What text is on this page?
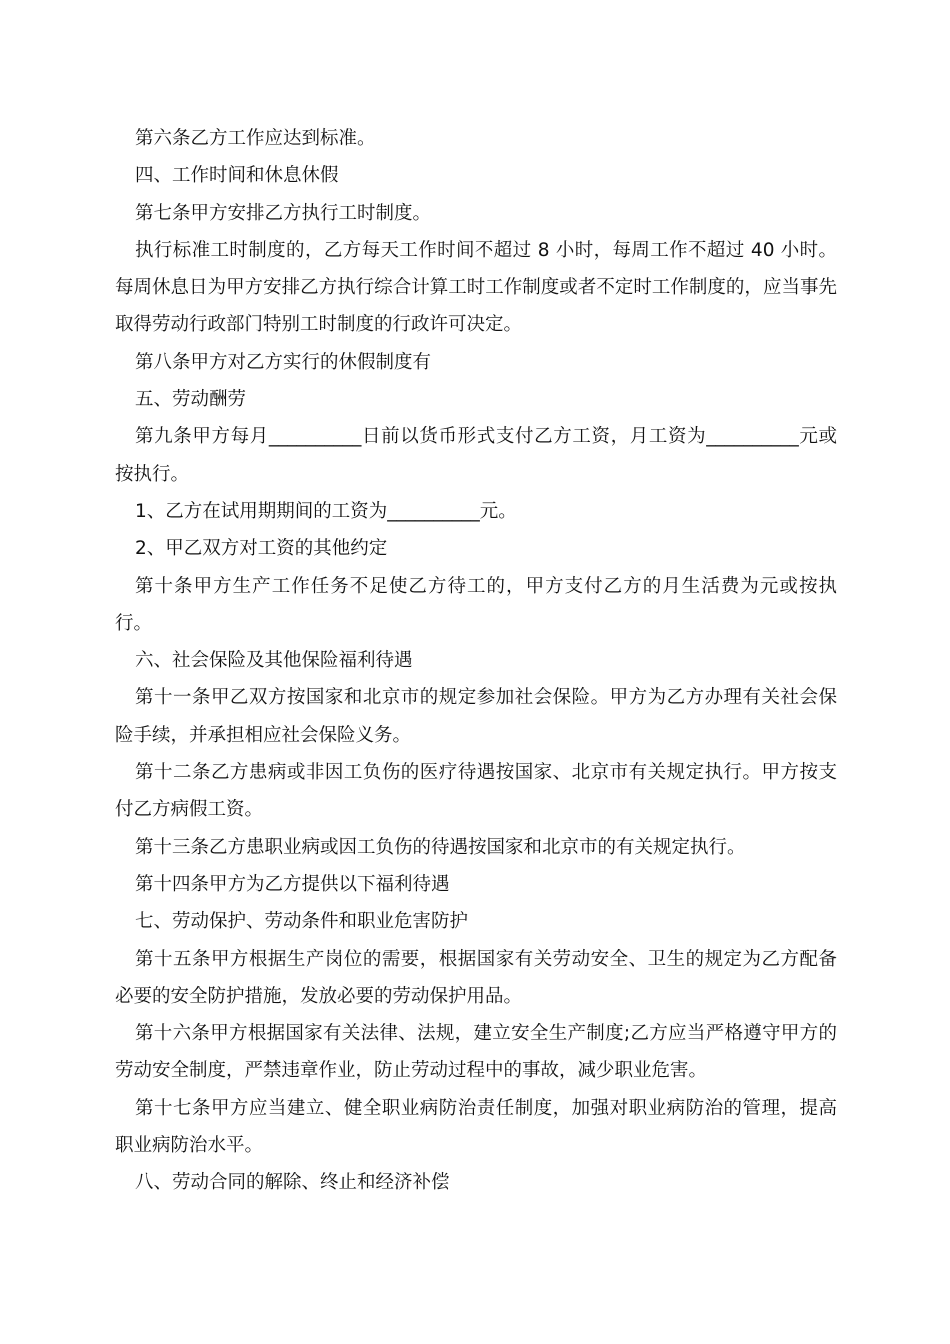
第六条乙方工作应达到标准。

四、工作时间和休息休假

第七条甲方安排乙方执行工时制度。

执行标准工时制度的，乙方每天工作时间不超过 8 小时，每周工作不超过 40 小时。每周休息日为甲方安排乙方执行综合计算工时工作制度或者不定时工作制度的，应当事先取得劳动行政部门特别工时制度的行政许可决定。

第八条甲方对乙方实行的休假制度有

五、劳动酬劳

第九条甲方每月__________日前以货币形式支付乙方工资，月工资为__________元或按执行。

1、乙方在试用期期间的工资为__________元。

2、甲乙双方对工资的其他约定

第十条甲方生产工作任务不足使乙方待工的，甲方支付乙方的月生活费为元或按执行。

六、社会保险及其他保险福利待遇

第十一条甲乙双方按国家和北京市的规定参加社会保险。甲方为乙方办理有关社会保险手续，并承担相应社会保险义务。

第十二条乙方患病或非因工负伤的医疗待遇按国家、北京市有关规定执行。甲方按支付乙方病假工资。

第十三条乙方患职业病或因工负伤的待遇按国家和北京市的有关规定执行。

第十四条甲方为乙方提供以下福利待遇

七、劳动保护、劳动条件和职业危害防护

第十五条甲方根据生产岗位的需要，根据国家有关劳动安全、卫生的规定为乙方配备必要的安全防护措施，发放必要的劳动保护用品。

第十六条甲方根据国家有关法律、法规，建立安全生产制度;乙方应当严格遵守甲方的劳动安全制度，严禁违章作业，防止劳动过程中的事故，减少职业危害。

第十七条甲方应当建立、健全职业病防治责任制度，加强对职业病防治的管理，提高职业病防治水平。

八、劳动合同的解除、终止和经济补偿
